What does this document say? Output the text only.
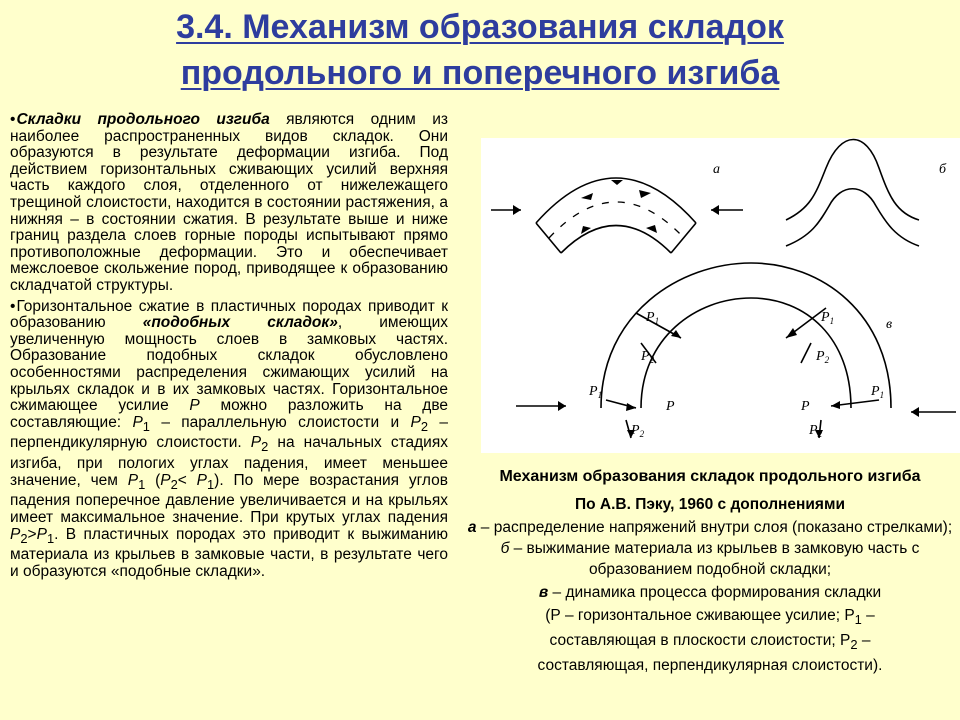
3.4. Механизм образования складок
продольного и поперечного изгиба

•Складки продольного изгиба являются одним из наиболее распространенных видов складок. Они образуются в результате деформации изгиба. Под действием горизонтальных сживающих усилий верхняя часть каждого слоя, отделенного от нижележащего трещиной слоистости, находится в состоянии растяжения, а нижняя – в состоянии сжатия. В результате выше и ниже границ раздела слоев горные породы испытывают прямо противоположные деформации. Это и обеспечивает межслоевое скольжение пород, приводящее к образованию складчатой структуры.

•Горизонтальное сжатие в пластичных породах приводит к образованию «подобных складок», имеющих увеличенную мощность слоев в замковых частях. Образование подобных складок обусловлено особенностями распределения сжимающих усилий на крыльях складок и в их замковых частях. Горизонтальное сжимающее усилие Р можно разложить на две составляющие: $Р_1$ – параллельную слоистости и $Р_2$ – перпендикулярную слоистости. $Р_2$ на начальных стадиях изгиба, при пологих углах падения, имеет меньшее значение, чем $Р_1$ $(Р_2< Р_1)$. По мере возрастания углов падения поперечное давление увеличивается и на крыльях имеет максимальное значение. При крутых углах падения $Р_2>Р_1$. В пластичных породах это приводит к выжиманию материала из крыльев в замковые части, в результате чего и образуются «подобные складки».

а	б
в
P	P
$P_1$	$P_1$
$P_2$	$P_2$
$P_1$	$P_1$
$P_2$	$P_2$
Механизм образования складок продольного изгиба
По А.В. Пэку, 1960 с дополнениями
а – распределение напряжений внутри слоя (показано стрелками); б – выжимание материала из крыльев в замковую часть с образованием подобной складки;
в – динамика процесса формирования складки
(Р – горизонтальное сживающее усилие; $Р_1$ –
составляющая в плоскости слоистости; $Р_2$ –
составляющая, перпендикулярная слоистости).
